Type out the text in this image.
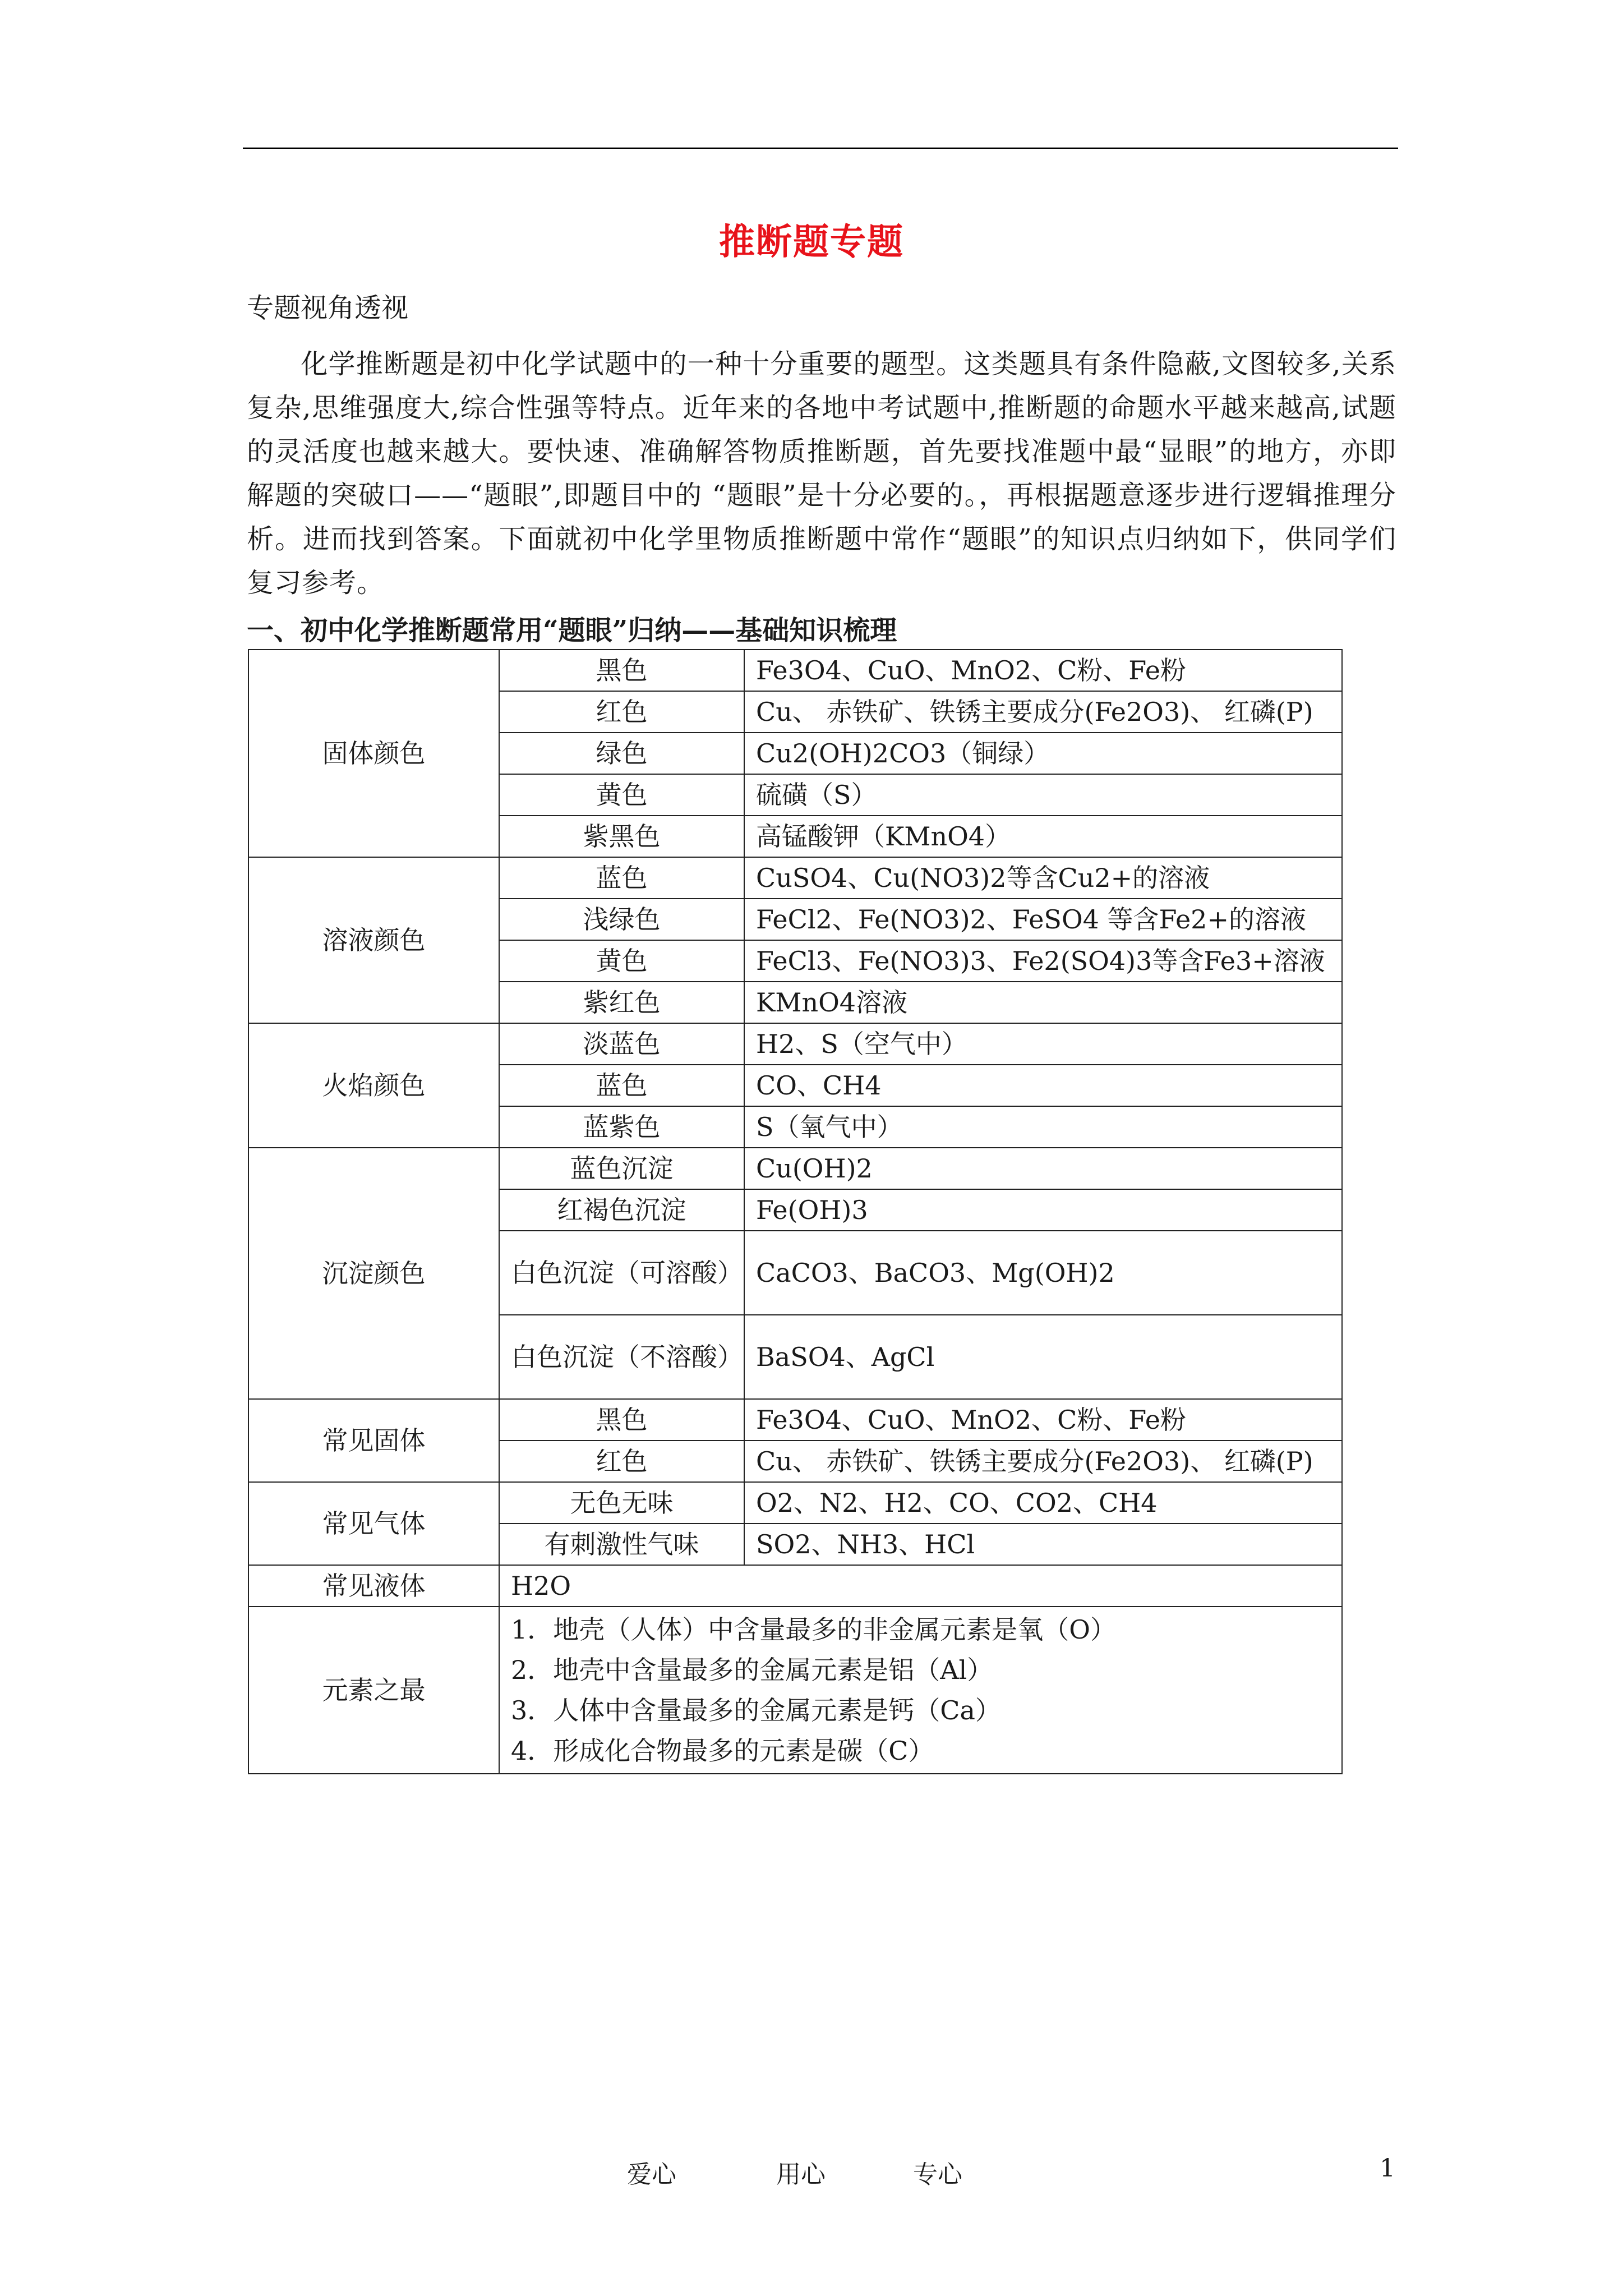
推断题专题
专题视角透视
化学推断题是初中化学试题中的一种十分重要的题型。这类题具有条件隐蔽,文图较多,关系复杂,思维强度大,综合性强等特点。近年来的各地中考试题中,推断题的命题水平越来越高,试题的灵活度也越来越大。要快速、准确解答物质推断题，首先要找准题中最“显眼”的地方，亦即解题的突破口——“题眼”,即题目中的 “题眼”是十分必要的。，再根据题意逐步进行逻辑推理分析。进而找到答案。下面就初中化学里物质推断题中常作“题眼”的知识点归纳如下，供同学们复习参考。
一、初中化学推断题常用“题眼”归纳——基础知识梳理
固体颜色	黑色	Fe3O4、CuO、MnO2、C粉、Fe粉
	红色	Cu、 赤铁矿、铁锈主要成分(Fe2O3)、 红磷(P)
	绿色	Cu2(OH)2CO3（铜绿）
	黄色	硫磺（S）
	紫黑色	高锰酸钾（KMnO4）
溶液颜色	蓝色	CuSO4、Cu(NO3)2等含Cu2+的溶液
	浅绿色	FeCl2、Fe(NO3)2、FeSO4 等含Fe2+的溶液
	黄色	FeCl3、Fe(NO3)3、Fe2(SO4)3等含Fe3+溶液
	紫红色	KMnO4溶液
火焰颜色	淡蓝色	H2、S（空气中）
	蓝色	CO、CH4
	蓝紫色	S（氧气中）
沉淀颜色	蓝色沉淀	Cu(OH)2
	红褐色沉淀	Fe(OH)3
	白色沉淀（可溶酸）	CaCO3、BaCO3、Mg(OH)2
	白色沉淀（不溶酸）	BaSO4、AgCl
常见固体	黑色	Fe3O4、CuO、MnO2、C粉、Fe粉
	红色	Cu、 赤铁矿、铁锈主要成分(Fe2O3)、 红磷(P)
常见气体	无色无味	O2、N2、H2、CO、CO2、CH4
	有刺激性气味	SO2、NH3、HCl
常见液体	H2O	
元素之最	1．地壳（人体）中含量最多的非金属元素是氧（O）
2．地壳中含量最多的金属元素是铝（Al）
3．人体中含量最多的金属元素是钙（Ca）
4．形成化合物最多的元素是碳（C）	
爱心	用心	专心	1
